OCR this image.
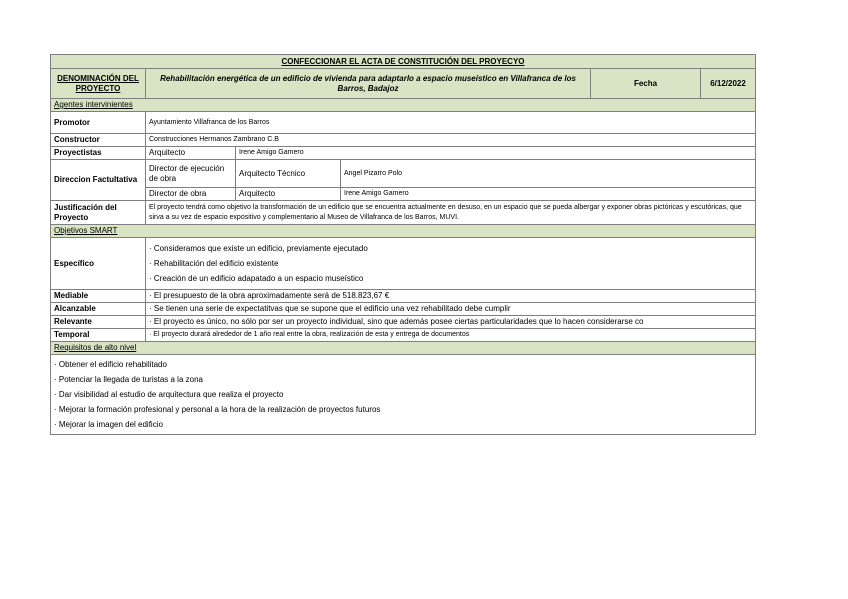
CONFECCIONAR EL ACTA DE CONSTITUCIÓN DEL PROYECYO					
DENOMINACIÓN DEL PROYECTO	Rehabilitación energética de un edificio de vivienda para adaptarlo a espacio museístico en Villafranca de los Barros, Badajoz			Fecha	6/12/2022
Agentes intervinientes					
Promotor	Ayuntamiento Villafranca de los Barros				
Constructor	Construcciones Hermanos Zambrano C.B				
Proyectistas	Arquitecto	Irene Amigo Gamero			
Direccion Factultativa	Director de ejecución de obra	Arquitecto Técnico	Angel Pizarro Polo		
	Director de obra	Arquitecto	Irene Amigo Gamero		
Justificación del Proyecto	El proyecto tendrá como objetivo la transformación de un edificio que se encuentra actualmente en desuso, en un espacio que se pueda albergar y exponer obras pictóricas y escutóricas, que sirva a su vez de espacio expositivo y complementario al Museo de Villafranca de los Barros, MUVI.				
Objetivos SMART					
Específico	· Consideramos que existe un edificio, previamente ejecutado
· Rehabilitación del edificio existente
· Creación de un edificio adapatado a un espacio museístico				

Mediable	· El presupuesto de la obra aproximadamente será de 518.823,67 €				
Alcanzable	· Se tienen una serie de expectatitvas que se supone que el edificio una vez rehabilitado debe cumplir				
Relevante	· El proyecto es único, no sólo por ser un proyecto individual, sino que además posee ciertas particularidades que lo hacen considerarse co				
Temporal	· El proyecto durará alrededor de 1 año real entre la obra, realización de esta y entrega de documentos				
Requisitos de alto nivel					

· Obtener el edificio rehabilitado
· Potenciar la llegada de turistas a la zona
· Dar visibilidad al estudio de arquitectura que realiza el proyecto
· Mejorar la formación profesional y personal a la hora de la realización de proyectos futuros
· Mejorar la imagen del edificio					
